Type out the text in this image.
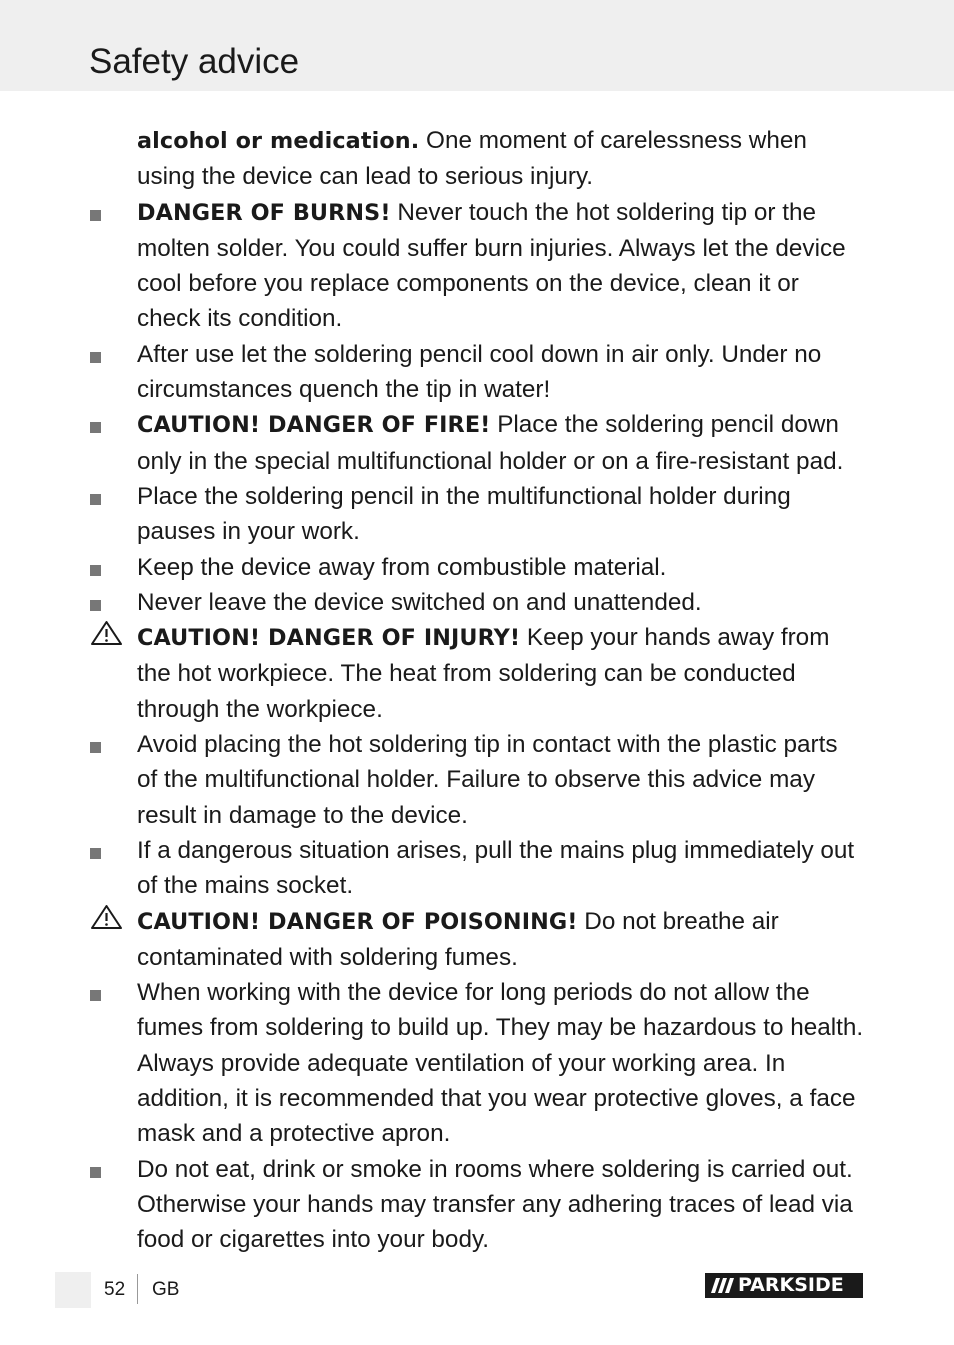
Safety advice
alcohol or medication. One moment of carelessness when using the device can lead to serious injury.
DANGER OF BURNS! Never touch the hot soldering tip or the molten solder. You could suffer burn injuries. Always let the device cool before you replace components on the device, clean it or check its condition.
After use let the soldering pencil cool down in air only. Under no circumstances quench the tip in water!
CAUTION! DANGER OF FIRE! Place the soldering pencil down only in the special multifunctional holder or on a fire-resistant pad.
Place the soldering pencil in the multifunctional holder during pauses in your work.
Keep the device away from combustible material.
Never leave the device switched on and unattended.
CAUTION! DANGER OF INJURY! Keep your hands away from the hot workpiece. The heat from soldering can be conducted through the workpiece.
Avoid placing the hot soldering tip in contact with the plastic parts of the multifunctional holder. Failure to observe this advice may result in damage to the device.
If a dangerous situation arises, pull the mains plug immediately out of the mains socket.
CAUTION! DANGER OF POISONING! Do not breathe air contaminated with soldering fumes.
When working with the device for long periods do not allow the fumes from soldering to build up. They may be hazardous to health. Always provide adequate ventilation of your working area. In addition, it is recommended that you wear protective gloves, a face mask and a protective apron.
Do not eat, drink or smoke in rooms where soldering is carried out. Otherwise your hands may transfer any adhering traces of lead via food or cigarettes into your body.
52 GB	PARKSIDE
